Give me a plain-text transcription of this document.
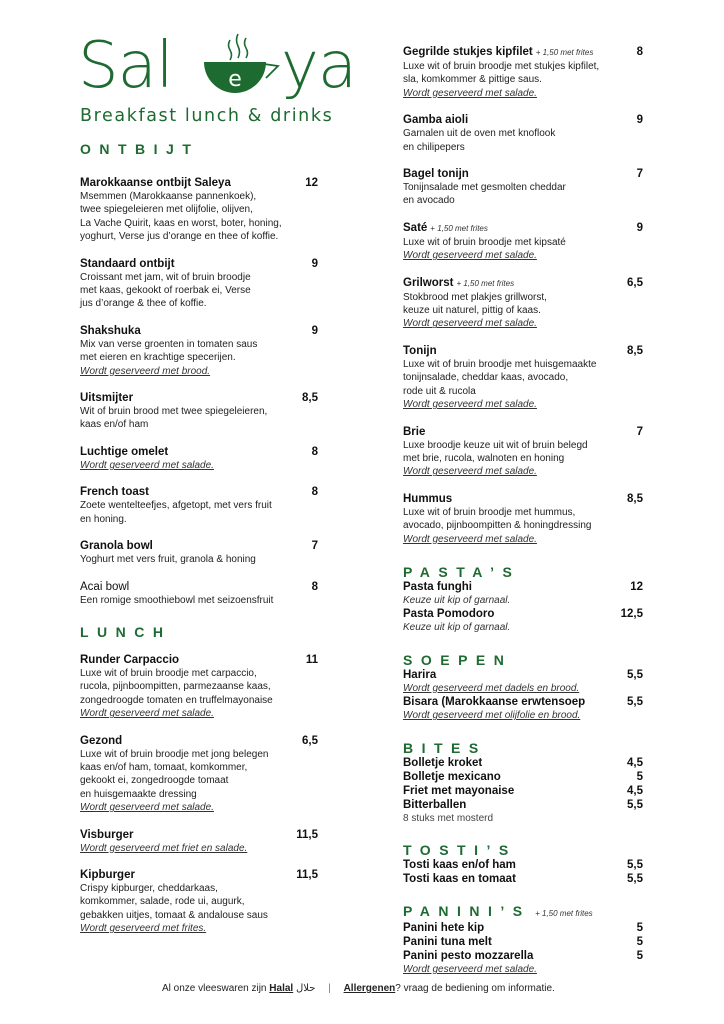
Sal	e ya
Breakfast lunch & drinks
ONTBIJT
Marokkaanse ontbijt Saleya	12
Msemmen (Marokkaanse pannenkoek),
twee spiegeleieren met olijfolie, olijven,
La Vache Quirit, kaas en worst, boter, honing,
yoghurt, Verse jus d’orange en thee of koffie.
Standaard ontbijt	9
Croissant met jam, wit of bruin broodje
met kaas, gekookt of roerbak ei, Verse
jus d’orange & thee of koffie.
Shakshuka	9
Mix van verse groenten in tomaten saus
met eieren en krachtige specerijen.
Wordt geserveerd met brood.
Uitsmijter	8,5
Wit of bruin brood met twee spiegeleieren,
kaas en/of ham
Luchtige omelet	8
Wordt geserveerd met salade.
French toast	8
Zoete wentelteefjes, afgetopt, met vers fruit
en honing.
Granola bowl	7
Yoghurt met vers fruit, granola & honing
Acai bowl	8
Een romige smoothiebowl met seizoensfruit
LUNCH
Runder Carpaccio	11
Luxe wit of bruin broodje met carpaccio,
rucola, pijnboompitten, parmezaanse kaas,
zongedroogde tomaten en truffelmayonaise
Wordt geserveerd met salade.
Gezond	6,5
Luxe wit of bruin broodje met jong belegen
kaas en/of ham, tomaat, komkommer,
gekookt ei, zongedroogde tomaat
en huisgemaakte dressing
Wordt geserveerd met salade.
Visburger	11,5
Wordt geserveerd met friet en salade.
Kipburger	11,5
Crispy kipburger, cheddarkaas,
komkommer, salade, rode ui, augurk,
gebakken uitjes, tomaat & andalouse saus
Wordt geserveerd met frites.
Gegrilde stukjes kipfilet + 1,50 met frites	8
Luxe wit of bruin broodje met stukjes kipfilet,
sla, komkommer & pittige saus.
Wordt geserveerd met salade.
Gamba aioli	9
Garnalen uit de oven met knoflook
en chilipepers
Bagel tonijn	7
Tonijnsalade met gesmolten cheddar
en avocado
Saté + 1,50 met frites	9
Luxe wit of bruin broodje met kipsaté
Wordt geserveerd met salade.
Grilworst + 1,50 met frites	6,5
Stokbrood met plakjes grillworst,
keuze uit naturel, pittig of kaas.
Wordt geserveerd met salade.
Tonijn	8,5
Luxe wit of bruin broodje met huisgemaakte
tonijnsalade, cheddar kaas, avocado,
rode uit & rucola
Wordt geserveerd met salade.
Brie	7
Luxe broodje keuze uit wit of bruin belegd
met brie, rucola, walnoten en honing
Wordt geserveerd met salade.
Hummus	8,5
Luxe wit of bruin broodje met hummus,
avocado, pijnboompitten & honingdressing
Wordt geserveerd met salade.
PASTA’S
Pasta funghi	12
Keuze uit kip of garnaal.
Pasta Pomodoro	12,5
Keuze uit kip of garnaal.
SOEPEN
Harira	5,5
Wordt geserveerd met dadels en brood.
Bisara (Marokkaanse erwtensoep	5,5
Wordt geserveerd met olijfolie en brood.
BITES
Bolletje kroket	4,5
Bolletje mexicano	5
Friet met mayonaise	4,5
Bitterballen	5,5
8 stuks met mosterd
TOSTI’S
Tosti kaas en/of ham	5,5
Tosti kaas en tomaat	5,5
PANINI’S + 1,50 met frites
Panini hete kip	5
Panini tuna melt	5
Panini pesto mozzarella	5
Wordt geserveerd met salade.
Al onze vleeswaren zijn Halal حلال | Allergenen? vraag de bediening om informatie.
